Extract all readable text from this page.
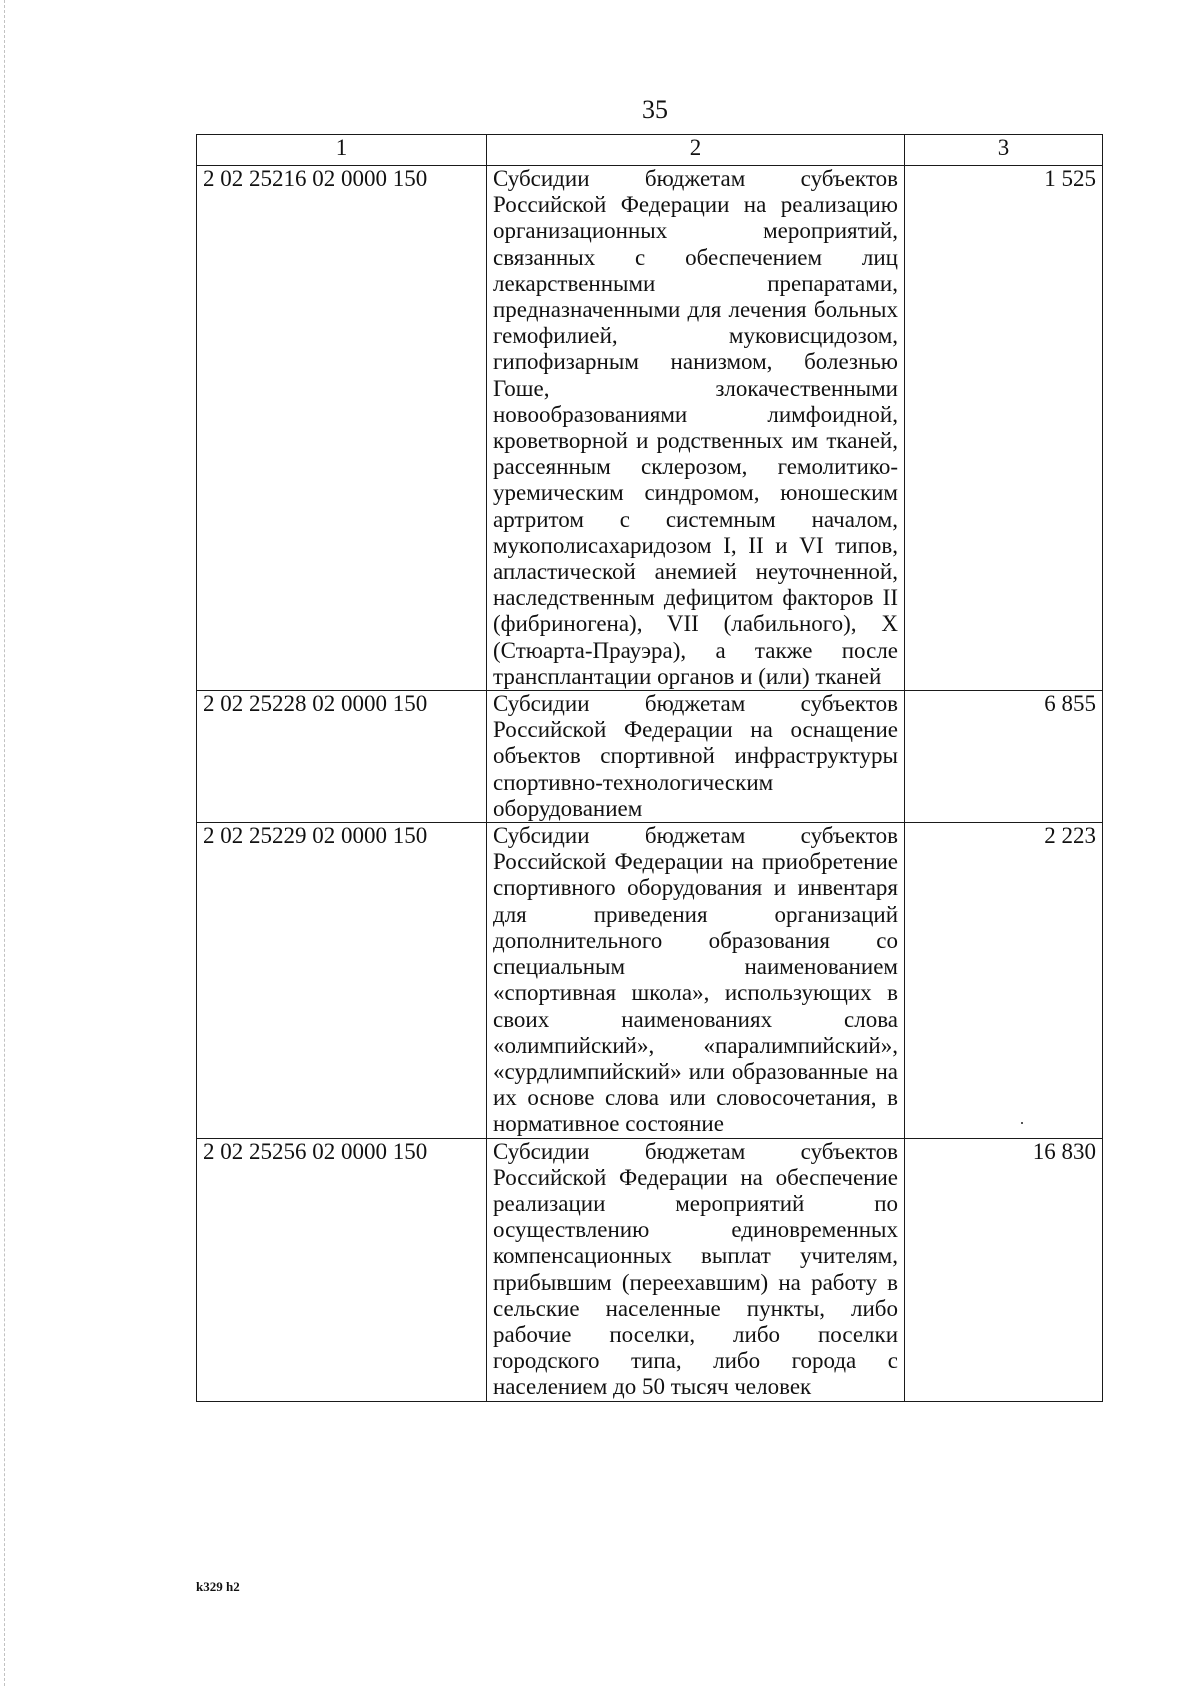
35
1	2	3
2 02 25216 02 0000 150	Субсидии бюджетам субъектов Российской Федерации на реализацию организационных мероприятий, связанных с обеспечением лиц лекарственными препаратами, предназначенными для лечения больных гемофилией, муковисцидозом, гипофизарным нанизмом, болезнью Гоше, злокачественными новообразованиями лимфоидной, кроветворной и родственных им тканей, рассеянным склерозом, гемолитико-уремическим синдромом, юношеским артритом с системным началом, мукополисахаридозом I, II и VI типов, апластической анемией неуточненной, наследственным дефицитом факторов II (фибриногена), VII (лабильного), X (Стюарта-Прауэра), а также после трансплантации органов и (или) тканей	1 525
2 02 25228 02 0000 150	Субсидии бюджетам субъектов Российской Федерации на оснащение объектов спортивной инфраструктуры спортивно-технологическим оборудованием	6 855
2 02 25229 02 0000 150	Субсидии бюджетам субъектов Российской Федерации на приобретение спортивного оборудования и инвентаря для приведения организаций дополнительного образования со специальным наименованием «спортивная школа», использующих в своих наименованиях слова «олимпийский», «паралимпийский», «сурдлимпийский» или образованные на их основе слова или словосочетания, в нормативное состояние	2 223
2 02 25256 02 0000 150	Субсидии бюджетам субъектов Российской Федерации на обеспечение реализации мероприятий по осуществлению единовременных компенсационных выплат учителям, прибывшим (переехавшим) на работу в сельские населенные пункты, либо рабочие поселки, либо поселки городского типа, либо города с населением до 50 тысяч человек	16 830
k329 h2
